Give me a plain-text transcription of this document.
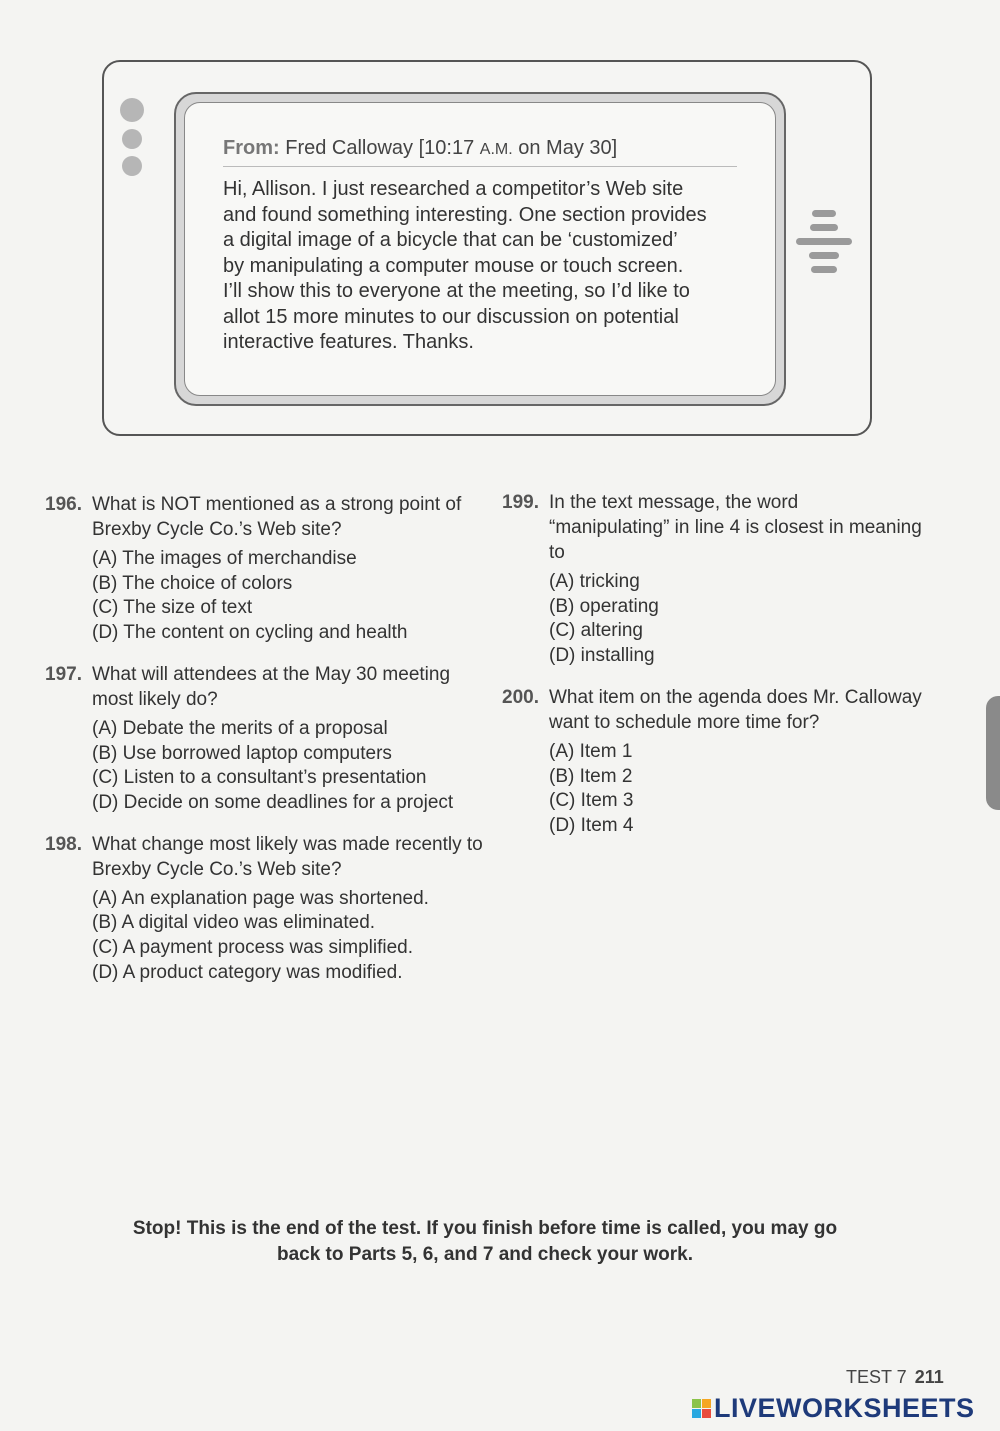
From: Fred Calloway [10:17 A.M. on May 30]
Hi, Allison. I just researched a competitor’s Web site
and found something interesting. One section provides
a digital image of a bicycle that can be ‘customized’
by manipulating a computer mouse or touch screen.
I’ll show this to everyone at the meeting, so I’d like to
allot 15 more minutes to our discussion on potential
interactive features. Thanks.
196. What is NOT mentioned as a strong point of Brexby Cycle Co.’s Web site?
(A) The images of merchandise
(B) The choice of colors
(C) The size of text
(D) The content on cycling and health
197. What will attendees at the May 30 meeting most likely do?
(A) Debate the merits of a proposal
(B) Use borrowed laptop computers
(C) Listen to a consultant’s presentation
(D) Decide on some deadlines for a project
198. What change most likely was made recently to Brexby Cycle Co.’s Web site?
(A) An explanation page was shortened.
(B) A digital video was eliminated.
(C) A payment process was simplified.
(D) A product category was modified.
199. In the text message, the word “manipulating” in line 4 is closest in meaning to
(A) tricking
(B) operating
(C) altering
(D) installing
200. What item on the agenda does Mr. Calloway want to schedule more time for?
(A) Item 1
(B) Item 2
(C) Item 3
(D) Item 4
Stop! This is the end of the test. If you finish before time is called, you may go
back to Parts 5, 6, and 7 and check your work.
TEST 7 211
LIVEWORKSHEETS
